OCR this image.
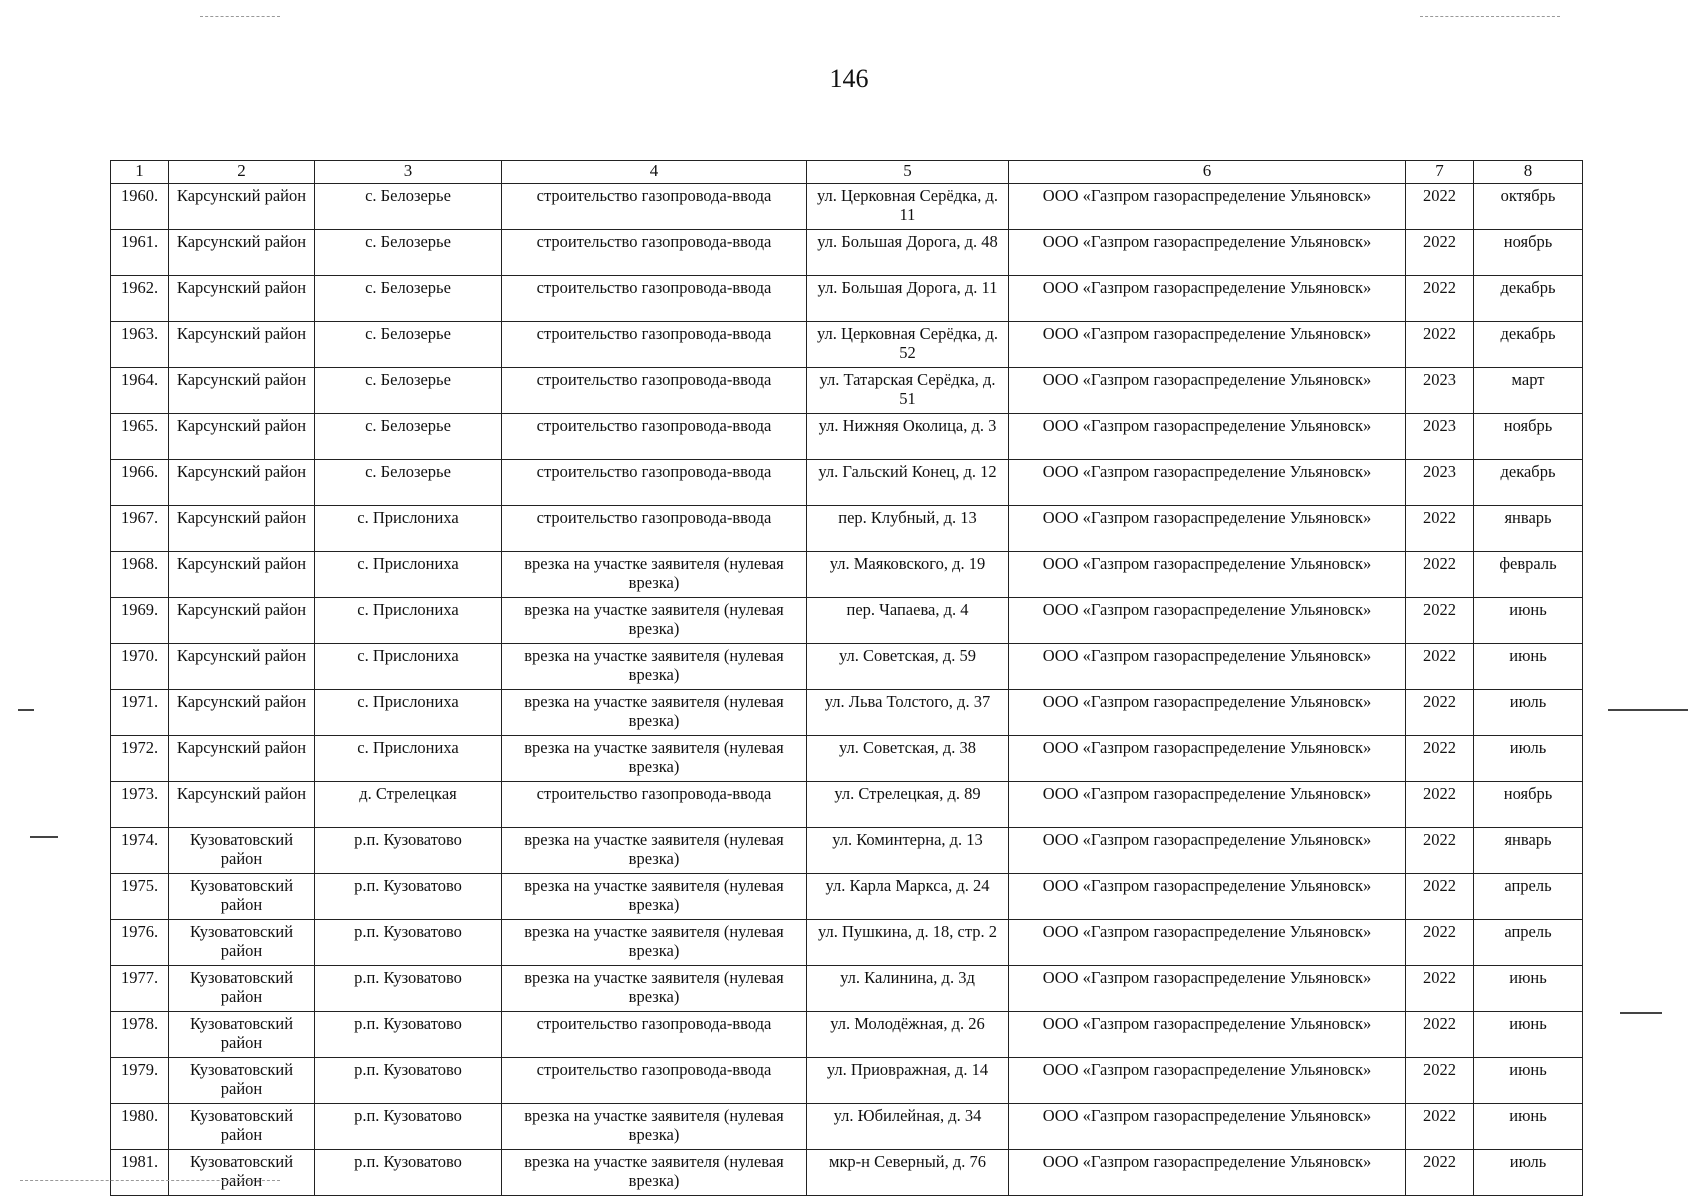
146
1	2	3	4	5	6	7	8
1960.	Карсунский район	с. Белозерье	строительство газопровода-ввода	ул. Церковная Серёдка, д. 11	ООО «Газпром газораспределение Ульяновск»	2022	октябрь
1961.	Карсунский район	с. Белозерье	строительство газопровода-ввода	ул. Большая Дорога, д. 48	ООО «Газпром газораспределение Ульяновск»	2022	ноябрь
1962.	Карсунский район	с. Белозерье	строительство газопровода-ввода	ул. Большая Дорога, д. 11	ООО «Газпром газораспределение Ульяновск»	2022	декабрь
1963.	Карсунский район	с. Белозерье	строительство газопровода-ввода	ул. Церковная Серёдка, д. 52	ООО «Газпром газораспределение Ульяновск»	2022	декабрь
1964.	Карсунский район	с. Белозерье	строительство газопровода-ввода	ул. Татарская Серёдка, д. 51	ООО «Газпром газораспределение Ульяновск»	2023	март
1965.	Карсунский район	с. Белозерье	строительство газопровода-ввода	ул. Нижняя Околица, д. 3	ООО «Газпром газораспределение Ульяновск»	2023	ноябрь
1966.	Карсунский район	с. Белозерье	строительство газопровода-ввода	ул. Гальский Конец, д. 12	ООО «Газпром газораспределение Ульяновск»	2023	декабрь
1967.	Карсунский район	с. Прислониха	строительство газопровода-ввода	пер. Клубный, д. 13	ООО «Газпром газораспределение Ульяновск»	2022	январь
1968.	Карсунский район	с. Прислониха	врезка на участке заявителя (нулевая врезка)	ул. Маяковского, д. 19	ООО «Газпром газораспределение Ульяновск»	2022	февраль
1969.	Карсунский район	с. Прислониха	врезка на участке заявителя (нулевая врезка)	пер. Чапаева, д. 4	ООО «Газпром газораспределение Ульяновск»	2022	июнь
1970.	Карсунский район	с. Прислониха	врезка на участке заявителя (нулевая врезка)	ул. Советская, д. 59	ООО «Газпром газораспределение Ульяновск»	2022	июнь
1971.	Карсунский район	с. Прислониха	врезка на участке заявителя (нулевая врезка)	ул. Льва Толстого, д. 37	ООО «Газпром газораспределение Ульяновск»	2022	июль
1972.	Карсунский район	с. Прислониха	врезка на участке заявителя (нулевая врезка)	ул. Советская, д. 38	ООО «Газпром газораспределение Ульяновск»	2022	июль
1973.	Карсунский район	д. Стрелецкая	строительство газопровода-ввода	ул. Стрелецкая, д. 89	ООО «Газпром газораспределение Ульяновск»	2022	ноябрь
1974.	Кузоватовский район	р.п. Кузоватово	врезка на участке заявителя (нулевая врезка)	ул. Коминтерна, д. 13	ООО «Газпром газораспределение Ульяновск»	2022	январь
1975.	Кузоватовский район	р.п. Кузоватово	врезка на участке заявителя (нулевая врезка)	ул. Карла Маркса, д. 24	ООО «Газпром газораспределение Ульяновск»	2022	апрель
1976.	Кузоватовский район	р.п. Кузоватово	врезка на участке заявителя (нулевая врезка)	ул. Пушкина, д. 18, стр. 2	ООО «Газпром газораспределение Ульяновск»	2022	апрель
1977.	Кузоватовский район	р.п. Кузоватово	врезка на участке заявителя (нулевая врезка)	ул. Калинина, д. 3д	ООО «Газпром газораспределение Ульяновск»	2022	июнь
1978.	Кузоватовский район	р.п. Кузоватово	строительство газопровода-ввода	ул. Молодёжная, д. 26	ООО «Газпром газораспределение Ульяновск»	2022	июнь
1979.	Кузоватовский район	р.п. Кузоватово	строительство газопровода-ввода	ул. Приовражная, д. 14	ООО «Газпром газораспределение Ульяновск»	2022	июнь
1980.	Кузоватовский район	р.п. Кузоватово	врезка на участке заявителя (нулевая врезка)	ул. Юбилейная, д. 34	ООО «Газпром газораспределение Ульяновск»	2022	июнь
1981.	Кузоватовский район	р.п. Кузоватово	врезка на участке заявителя (нулевая врезка)	мкр-н Северный, д. 76	ООО «Газпром газораспределение Ульяновск»	2022	июль
